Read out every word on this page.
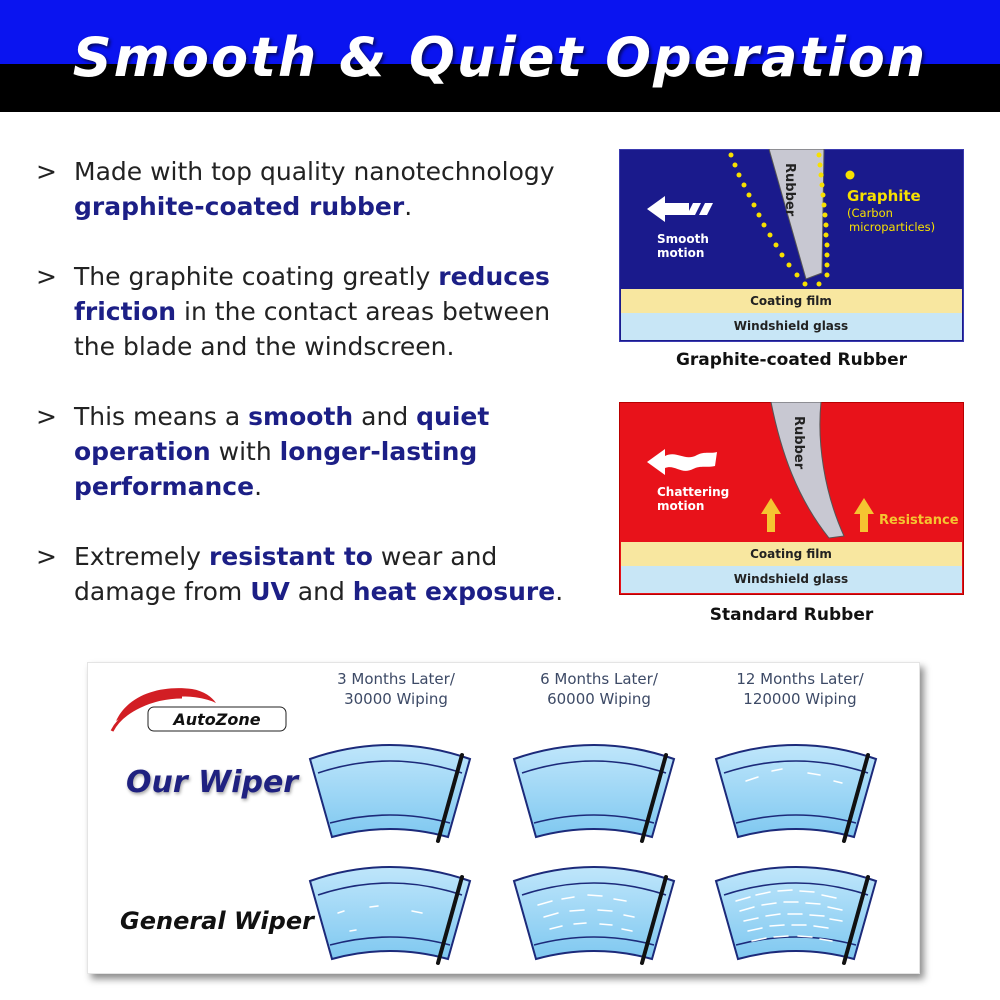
Smooth & Quiet Operation
> Made with top quality nanotechnology graphite-coated rubber.
> The graphite coating greatly reduces friction in the contact areas between the blade and the windscreen.
> This means a smooth and quiet operation with longer-lasting performance.
> Extremely resistant to wear and damage from UV and heat exposure.
Rubber	Graphite
(Carbon
microparticles)
Smooth
motion
Coating film
Windshield glass
Graphite-coated Rubber
Rubber
Chattering
motion
Resistance
Coating film
Windshield glass
Standard Rubber
AutoZone
3 Months Later/
30000 Wiping
6 Months Later/
60000 Wiping
12 Months Later/
120000 Wiping
Our Wiper
General Wiper
